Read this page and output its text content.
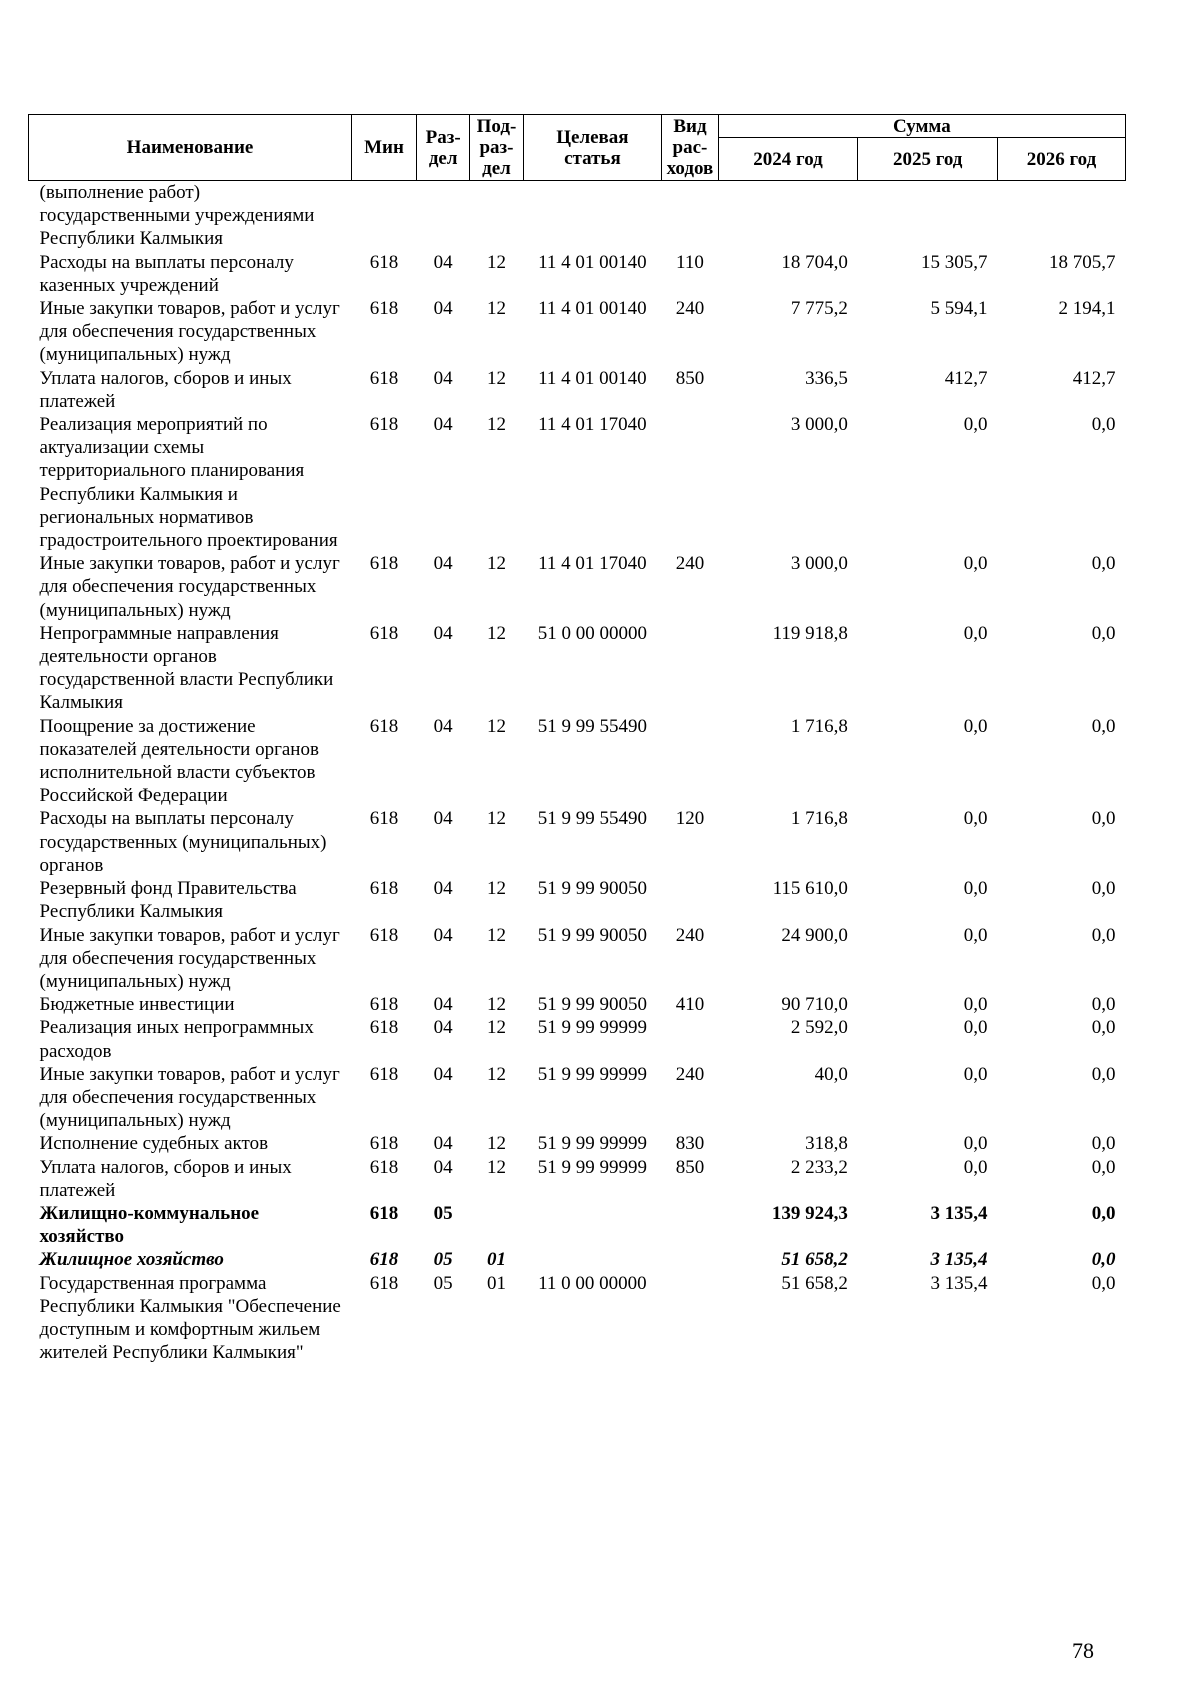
Наименование	Мин	Раз-дел	Под-раз-дел	Целевая статья	Вид рас-ходов	Сумма		
						2024 год	2025 год	2026 год
(выполнение работ) государственными учреждениями Республики Калмыкия								
Расходы на выплаты персоналу казенных учреждений	618	04	12	11 4 01 00140	110	18 704,0	15 305,7	18 705,7
Иные закупки товаров, работ и услуг для обеспечения государственных (муниципальных) нужд	618	04	12	11 4 01 00140	240	7 775,2	5 594,1	2 194,1
Уплата налогов, сборов и иных платежей	618	04	12	11 4 01 00140	850	336,5	412,7	412,7
Реализация мероприятий по актуализации схемы территориального планирования Республики Калмыкия и региональных нормативов градостроительного проектирования	618	04	12	11 4 01 17040		3 000,0	0,0	0,0
Иные закупки товаров, работ и услуг для обеспечения государственных (муниципальных) нужд	618	04	12	11 4 01 17040	240	3 000,0	0,0	0,0
Непрограммные направления деятельности органов государственной власти Республики Калмыкия	618	04	12	51 0 00 00000		119 918,8	0,0	0,0
Поощрение за достижение показателей деятельности органов исполнительной власти субъектов Российской Федерации	618	04	12	51 9 99 55490		1 716,8	0,0	0,0
Расходы на выплаты персоналу государственных (муниципальных) органов	618	04	12	51 9 99 55490	120	1 716,8	0,0	0,0
Резервный фонд Правительства Республики Калмыкия	618	04	12	51 9 99 90050		115 610,0	0,0	0,0
Иные закупки товаров, работ и услуг для обеспечения государственных (муниципальных) нужд	618	04	12	51 9 99 90050	240	24 900,0	0,0	0,0
Бюджетные инвестиции	618	04	12	51 9 99 90050	410	90 710,0	0,0	0,0
Реализация иных непрограммных расходов	618	04	12	51 9 99 99999		2 592,0	0,0	0,0
Иные закупки товаров, работ и услуг для обеспечения государственных (муниципальных) нужд	618	04	12	51 9 99 99999	240	40,0	0,0	0,0
Исполнение судебных актов	618	04	12	51 9 99 99999	830	318,8	0,0	0,0
Уплата налогов, сборов и иных платежей	618	04	12	51 9 99 99999	850	2 233,2	0,0	0,0
Жилищно-коммунальное хозяйство	618	05				139 924,3	3 135,4	0,0
Жилищное хозяйство	618	05	01			51 658,2	3 135,4	0,0
Государственная программа Республики Калмыкия "Обеспечение доступным и комфортным жильем жителей Республики Калмыкия"	618	05	01	11 0 00 00000		51 658,2	3 135,4	0,0
78
